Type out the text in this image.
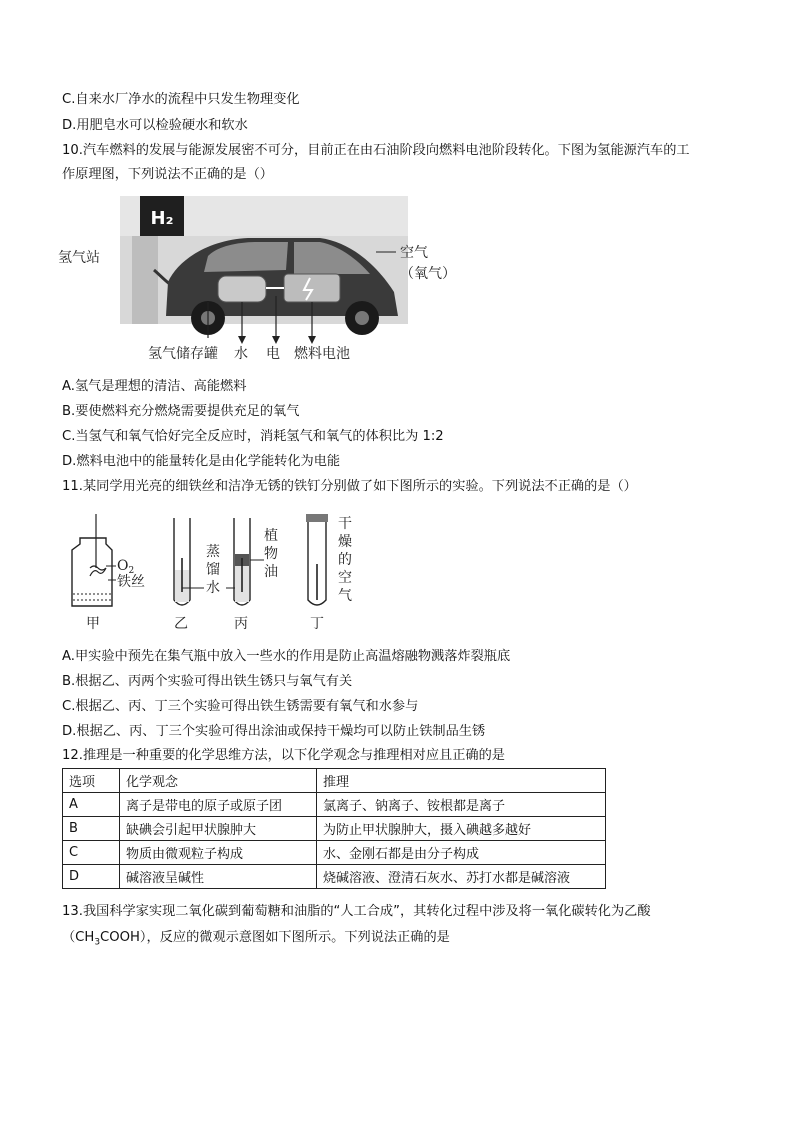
C.自来水厂净水的流程中只发生物理变化
D.用肥皂水可以检验硬水和软水
10.汽车燃料的发展与能源发展密不可分，目前正在由石油阶段向燃料电池阶段转化。下图为氢能源汽车的工
作原理图，下列说法不正确的是（）
H₂
空气
（氧气）
氢气站
氢气储存罐 水 电 燃料电池
A.氢气是理想的清洁、高能燃料
B.要使燃料充分燃烧需要提供充足的氧气
C.当氢气和氧气恰好完全反应时，消耗氢气和氧气的体积比为 1:2
D.燃料电池中的能量转化是由化学能转化为电能
11.某同学用光亮的细铁丝和洁净无锈的铁钉分别做了如下图所示的实验。下列说法不正确的是（）
$O_2$
铁丝
蒸
馏
水
植
物
油
干
燥
的
空
气
甲	乙	丙	丁
A.甲实验中预先在集气瓶中放入一些水的作用是防止高温熔融物溅落炸裂瓶底
B.根据乙、丙两个实验可得出铁生锈只与氧气有关
C.根据乙、丙、丁三个实验可得出铁生锈需要有氧气和水参与
D.根据乙、丙、丁三个实验可得出涂油或保持干燥均可以防止铁制品生锈
12.推理是一种重要的化学思维方法，以下化学观念与推理相对应且正确的是
选项	化学观念	推理
A	离子是带电的原子或原子团	氯离子、钠离子、铵根都是离子
B	缺碘会引起甲状腺肿大	为防止甲状腺肿大，摄入碘越多越好
C	物质由微观粒子构成	水、金刚石都是由分子构成
D	碱溶液呈碱性	烧碱溶液、澄清石灰水、苏打水都是碱溶液
13.我国科学家实现二氧化碳到葡萄糖和油脂的“人工合成”，其转化过程中涉及将一氧化碳转化为乙酸
$(CH_3COOH)$，反应的微观示意图如下图所示。下列说法正确的是
